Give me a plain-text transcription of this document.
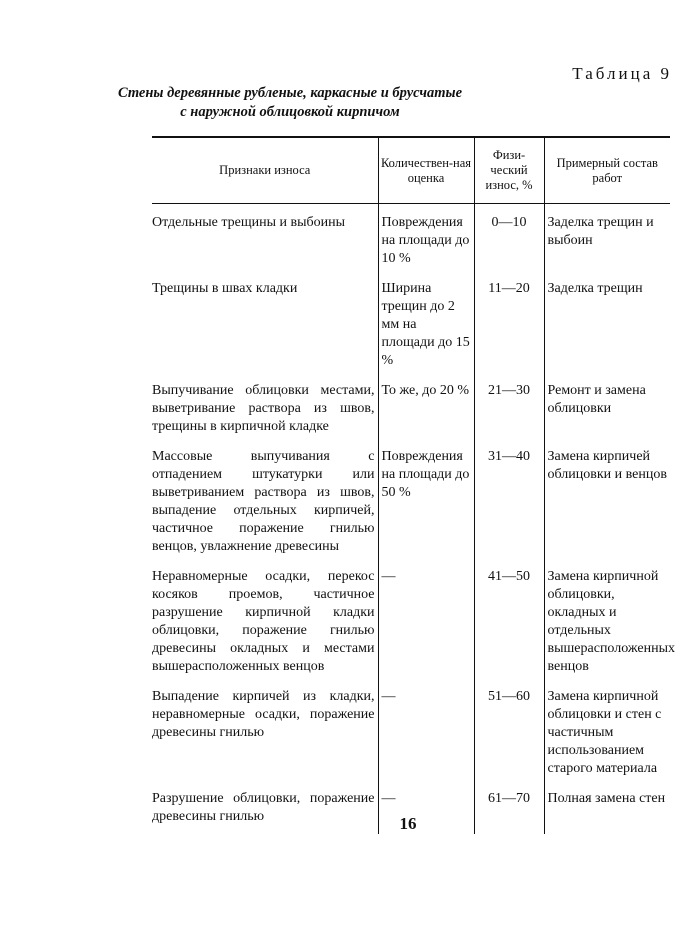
Таблица 9
Стены деревянные рубленые, каркасные и брусчатые
с наружной облицовкой кирпичом
Признаки износа	Количествен-ная оценка	Физи-ческий износ, %	Примерный состав работ
Отдельные трещины и выбоины	Повреждения на площади до 10 %	0—10	Заделка трещин и выбоин
Трещины в швах кладки	Ширина трещин до 2 мм на площади до 15 %	11—20	Заделка трещин
Выпучивание облицовки местами, выветривание раствора из швов, трещины в кирпичной кладке	То же, до 20 %	21—30	Ремонт и замена облицовки
Массовые выпучивания с отпадением штукатурки или выветриванием раствора из швов, выпадение отдельных кирпичей, частичное поражение гнилью венцов, увлажнение древесины	Повреждения на площади до 50 %	31—40	Замена кирпичей облицовки и венцов
Неравномерные осадки, перекос косяков проемов, частичное разрушение кирпичной кладки облицовки, поражение гнилью древесины окладных и местами вышерасположенных венцов	—	41—50	Замена кирпичной облицовки, окладных и отдельных вышерасположенных венцов
Выпадение кирпичей из кладки, неравномерные осадки, поражение древесины гнилью	—	51—60	Замена кирпичной облицовки и стен с частичным использованием старого материала
Разрушение облицовки, поражение древесины гнилью	—	61—70	Полная замена стен
16
